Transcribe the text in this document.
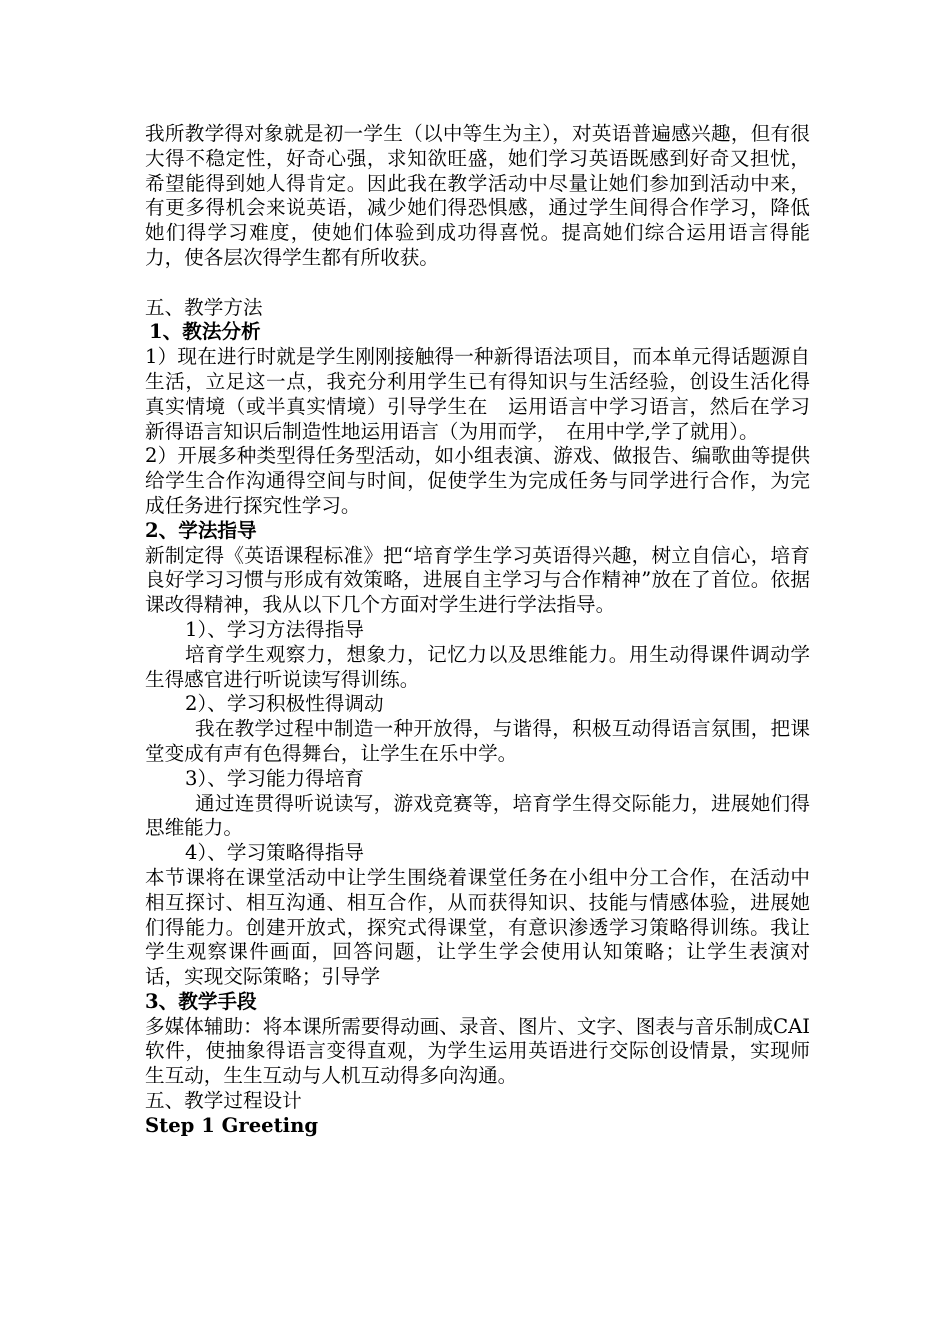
我所教学得对象就是初一学生（以中等生为主），对英语普遍感兴趣，但有很大得不稳定性，好奇心强，求知欲旺盛，她们学习英语既感到好奇又担忧，希望能得到她人得肯定。因此我在教学活动中尽量让她们参加到活动中来，有更多得机会来说英语，减少她们得恐惧感，通过学生间得合作学习，降低她们得学习难度，使她们体验到成功得喜悦。提高她们综合运用语言得能力，使各层次得学生都有所收获。

五、教学方法

1、教法分析

1）现在进行时就是学生刚刚接触得一种新得语法项目，而本单元得话题源自生活，立足这一点，我充分利用学生已有得知识与生活经验，创设生活化得真实情境（或半真实情境）引导学生在　运用语言中学习语言，然后在学习新得语言知识后制造性地运用语言（为用而学，　在用中学,学了就用）。

2）开展多种类型得任务型活动，如小组表演、游戏、做报告、编歌曲等提供给学生合作沟通得空间与时间，促使学生为完成任务与同学进行合作，为完成任务进行探究性学习。

2、学法指导

新制定得《英语课程标准》把“培育学生学习英语得兴趣，树立自信心，培育良好学习习惯与形成有效策略，进展自主学习与合作精神”放在了首位。依据课改得精神，我从以下几个方面对学生进行学法指导。

1）、学习方法得指导

培育学生观察力，想象力，记忆力以及思维能力。用生动得课件调动学生得感官进行听说读写得训练。

2）、学习积极性得调动

我在教学过程中制造一种开放得，与谐得，积极互动得语言氛围，把课堂变成有声有色得舞台，让学生在乐中学。

3）、学习能力得培育

通过连贯得听说读写，游戏竞赛等，培育学生得交际能力，进展她们得思维能力。

4）、学习策略得指导

本节课将在课堂活动中让学生围绕着课堂任务在小组中分工合作，在活动中相互探讨、相互沟通、相互合作，从而获得知识、技能与情感体验，进展她们得能力。创建开放式，探究式得课堂，有意识渗透学习策略得训练。我让学生观察课件画面，回答问题，让学生学会使用认知策略；让学生表演对话，实现交际策略；引导学

3、教学手段

多媒体辅助：将本课所需要得动画、录音、图片、文字、图表与音乐制成CAI软件，使抽象得语言变得直观，为学生运用英语进行交际创设情景，实现师生互动，生生互动与人机互动得多向沟通。

五、教学过程设计

Step 1 Greeting
